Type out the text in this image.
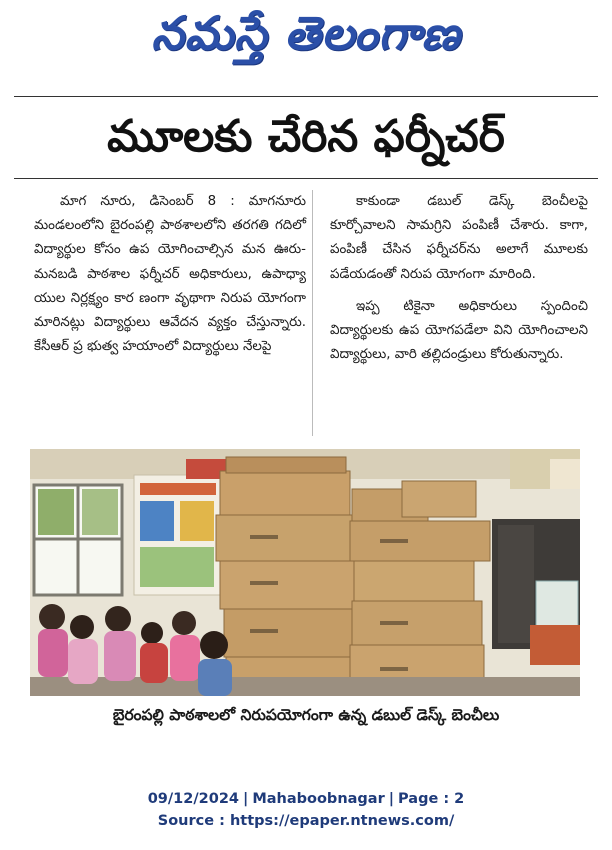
నమస్తే తెలంగాణ
మూలకు చేరిన ఫర్నీచర్

మాగ నూరు, డిసెంబర్ 8 : మాగనూరు మండలంలోని బైరంపల్లి పాఠశాలలోని తరగతి గదిలో విద్యార్థుల కోసం ఉప యోగించాల్సిన మన ఊరు-మనబడి పాఠశాల ఫర్నీచర్ అధికారులు, ఉపాధ్యా యుల నిర్లక్ష్యం కార ణంగా వృథాగా నిరుప యోగంగా మారినట్లు విద్యార్థులు ఆవేదన వ్యక్తం చేస్తున్నారు. కేసీఆర్ ప్ర భుత్వ హయాంలో విద్యార్థులు నేలపై

కాకుండా డబుల్ డెస్క్ బెంచీలపై కూర్చోవాలని సామగ్రిని పంపిణీ చేశారు. కాగా, పంపిణీ చేసిన ఫర్నీచర్‌ను అలాగే మూలకు పడేయడంతో నిరుప యోగంగా మారింది.

ఇప్ప టికైనా అధికారులు స్పందించి విద్యార్థులకు ఉప యోగపడేలా విని యోగించాలని విద్యార్థులు, వారి తల్లిదండ్రులు కోరుతున్నారు.

బైరంపల్లి పాఠశాలలో నిరుపయోగంగా ఉన్న డబుల్ డెస్క్ బెంచీలు
09/12/2024 | Mahaboobnagar | Page : 2
Source : https://epaper.ntnews.com/
